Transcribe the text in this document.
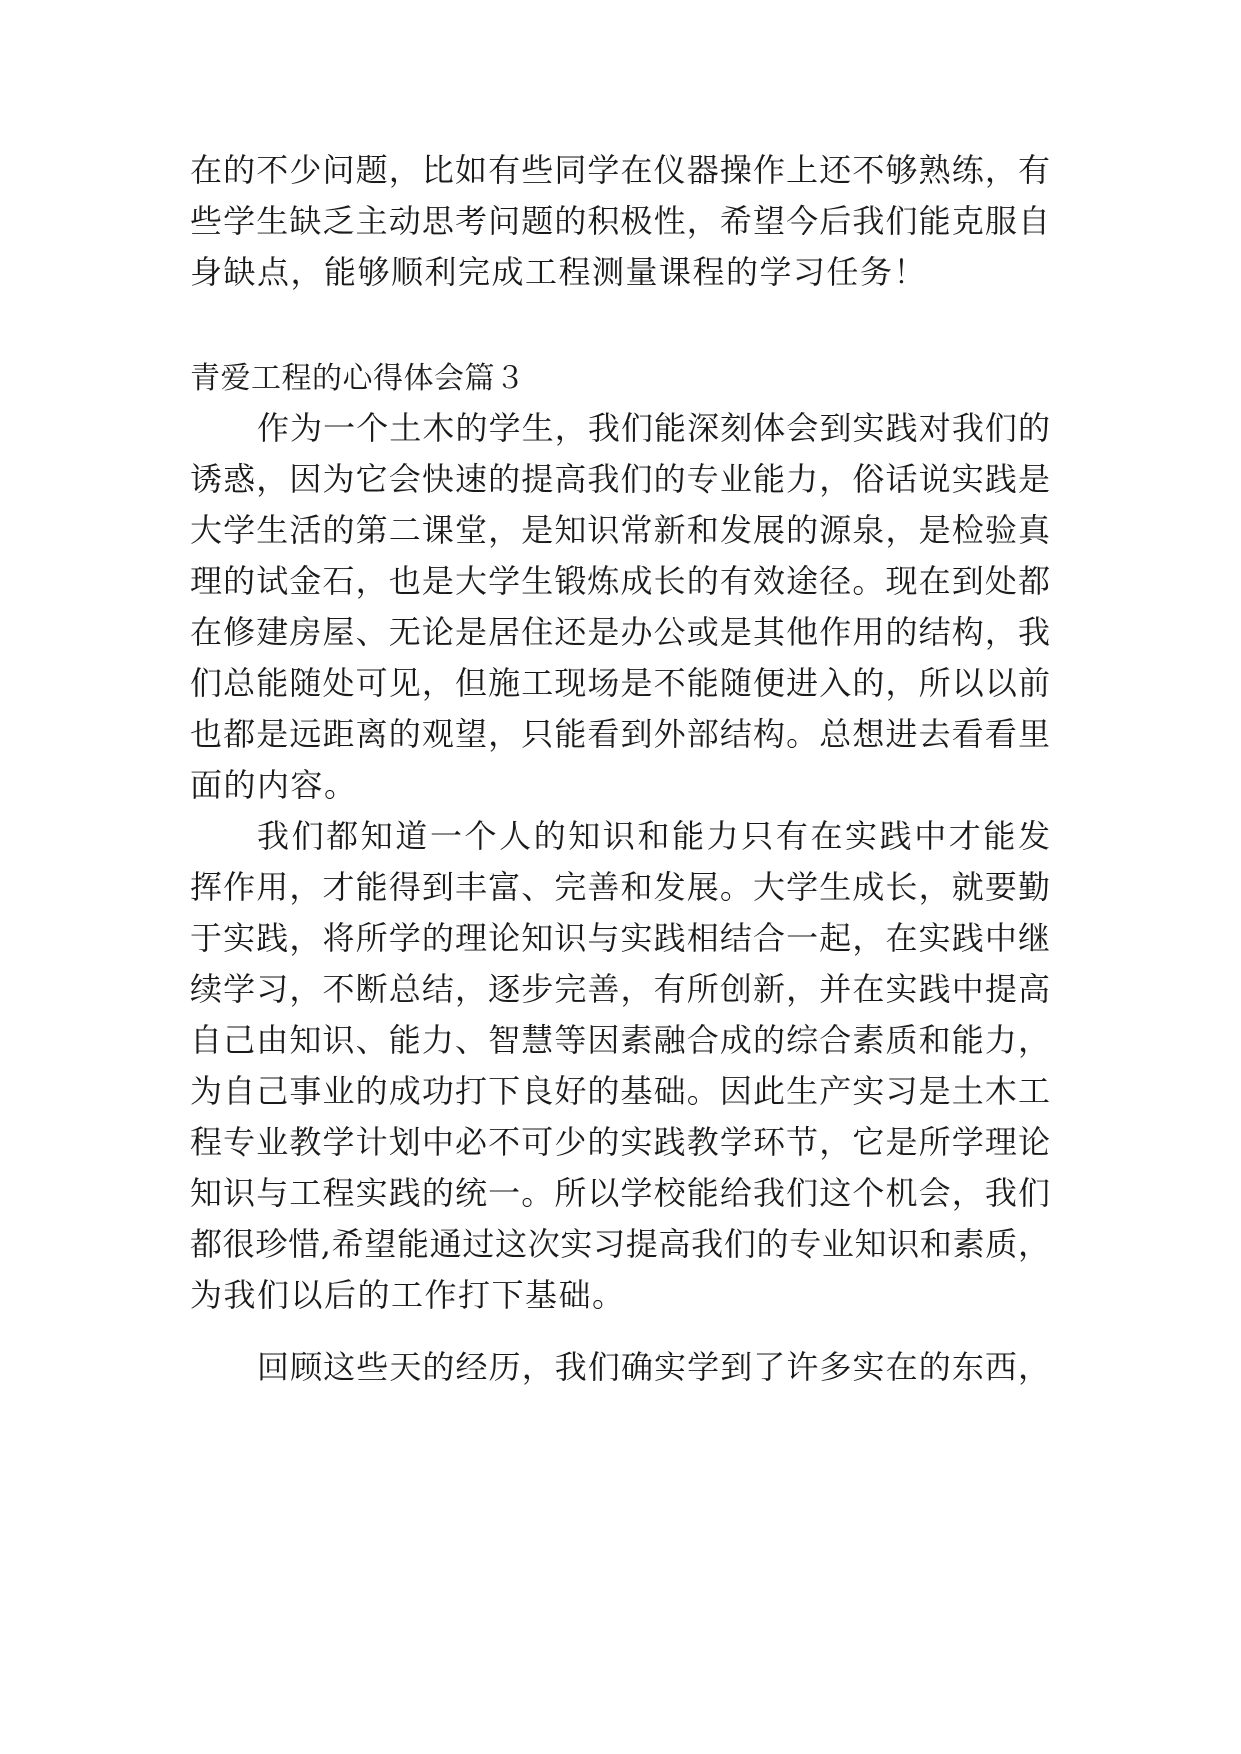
在的不少问题，比如有些同学在仪器操作上还不够熟练，有
些学生缺乏主动思考问题的积极性，希望今后我们能克服自
身缺点，能够顺利完成工程测量课程的学习任务！
青爱工程的心得体会篇３
作为一个土木的学生，我们能深刻体会到实践对我们的
诱惑，因为它会快速的提高我们的专业能力，俗话说实践是
大学生活的第二课堂，是知识常新和发展的源泉，是检验真
理的试金石，也是大学生锻炼成长的有效途径。现在到处都
在修建房屋、无论是居住还是办公或是其他作用的结构，我
们总能随处可见，但施工现场是不能随便进入的，所以以前
也都是远距离的观望，只能看到外部结构。总想进去看看里
面的内容。
我们都知道一个人的知识和能力只有在实践中才能发
挥作用，才能得到丰富、完善和发展。大学生成长，就要勤
于实践，将所学的理论知识与实践相结合一起，在实践中继
续学习，不断总结，逐步完善，有所创新，并在实践中提高
自己由知识、能力、智慧等因素融合成的综合素质和能力，
为自己事业的成功打下良好的基础。因此生产实习是土木工
程专业教学计划中必不可少的实践教学环节，它是所学理论
知识与工程实践的统一。所以学校能给我们这个机会，我们
都很珍惜,希望能通过这次实习提高我们的专业知识和素质，
为我们以后的工作打下基础。
回顾这些天的经历，我们确实学到了许多实在的东西，
